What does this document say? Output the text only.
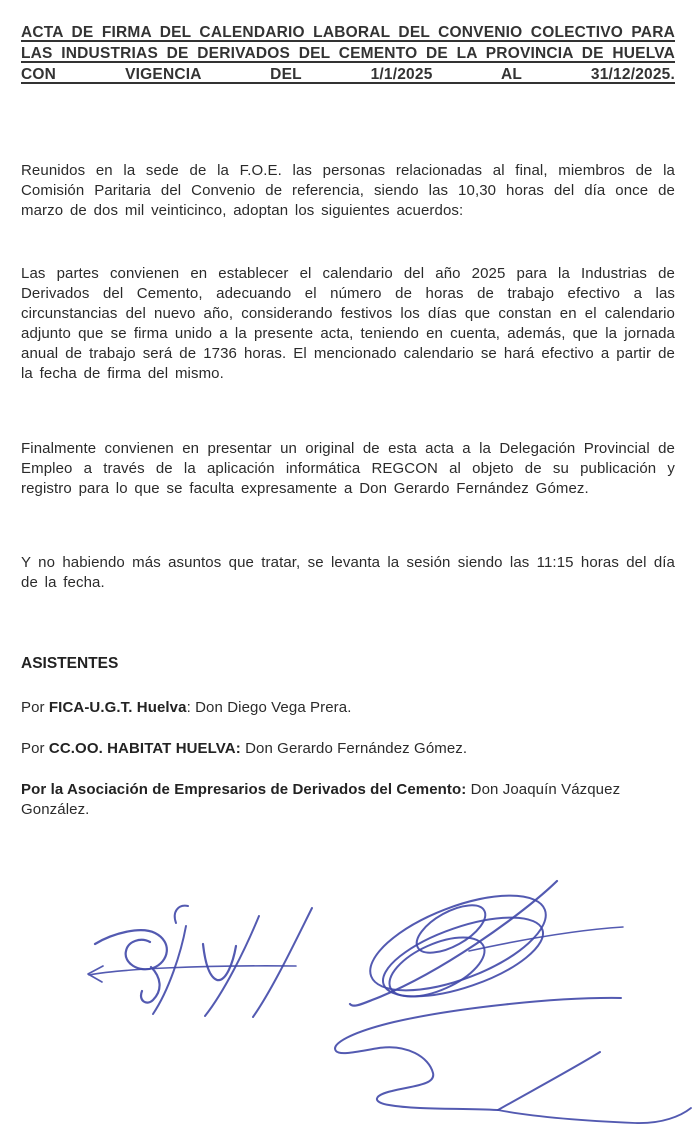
ACTA DE FIRMA DEL CALENDARIO LABORAL DEL CONVENIO COLECTIVO PARA LAS INDUSTRIAS DE DERIVADOS DEL CEMENTO DE LA PROVINCIA DE HUELVA CON VIGENCIA DEL 1/1/2025 AL 31/12/2025.

Reunidos en la sede de la F.O.E. las personas relacionadas al final, miembros de la Comisión Paritaria del Convenio de referencia, siendo las 10,30 horas del día once de marzo de dos mil veinticinco, adoptan los siguientes acuerdos:

Las partes convienen en establecer el calendario del año 2025 para la Industrias de Derivados del Cemento, adecuando el número de horas de trabajo efectivo a las circunstancias del nuevo año, considerando festivos los días que constan en el calendario adjunto que se firma unido a la presente acta, teniendo en cuenta, además, que la jornada anual de trabajo será de 1736 horas. El mencionado calendario se hará efectivo a partir de la fecha de firma del mismo.

Finalmente convienen en presentar un original de esta acta a la Delegación Provincial de Empleo a través de la aplicación informática REGCON al objeto de su publicación y registro para lo que se faculta expresamente a Don Gerardo Fernández Gómez.

Y no habiendo más asuntos que tratar, se levanta la sesión siendo las 11:15 horas del día de la fecha.

ASISTENTES

Por FICA-U.G.T. Huelva: Don Diego Vega Prera.

Por CC.OO. HABITAT HUELVA: Don Gerardo Fernández Gómez.

Por la Asociación de Empresarios de Derivados del Cemento: Don Joaquín Vázquez González.
